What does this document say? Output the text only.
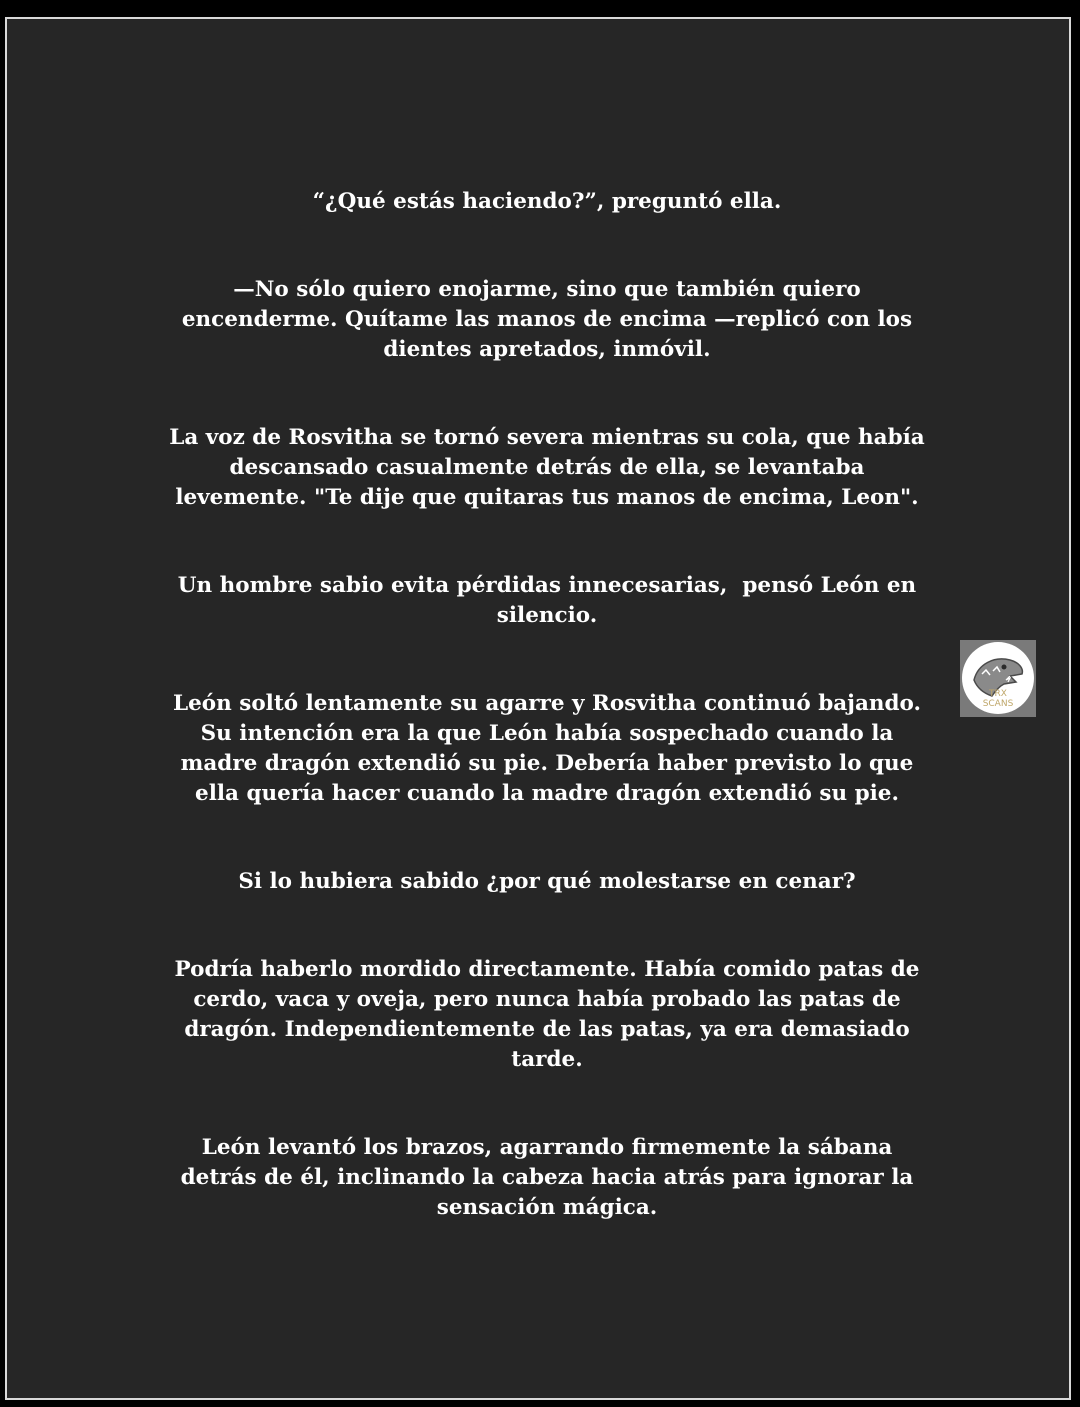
“¿Qué estás haciendo?”, preguntó ella.

—No sólo quiero enojarme, sino que también quiero
encenderme. Quítame las manos de encima —replicó con los
dientes apretados, inmóvil.

La voz de Rosvitha se tornó severa mientras su cola, que había
descansado casualmente detrás de ella, se levantaba
levemente. "Te dije que quitaras tus manos de encima, Leon".

Un hombre sabio evita pérdidas innecesarias,  pensó León en
silencio.

León soltó lentamente su agarre y Rosvitha continuó bajando.
Su intención era la que León había sospechado cuando la
madre dragón extendió su pie. Debería haber previsto lo que
ella quería hacer cuando la madre dragón extendió su pie.

Si lo hubiera sabido ¿por qué molestarse en cenar?

Podría haberlo mordido directamente. Había comido patas de
cerdo, vaca y oveja, pero nunca había probado las patas de
dragón. Independientemente de las patas, ya era demasiado
tarde.

León levantó los brazos, agarrando firmemente la sábana
detrás de él, inclinando la cabeza hacia atrás para ignorar la
sensación mágica.

TRX
SCANS
